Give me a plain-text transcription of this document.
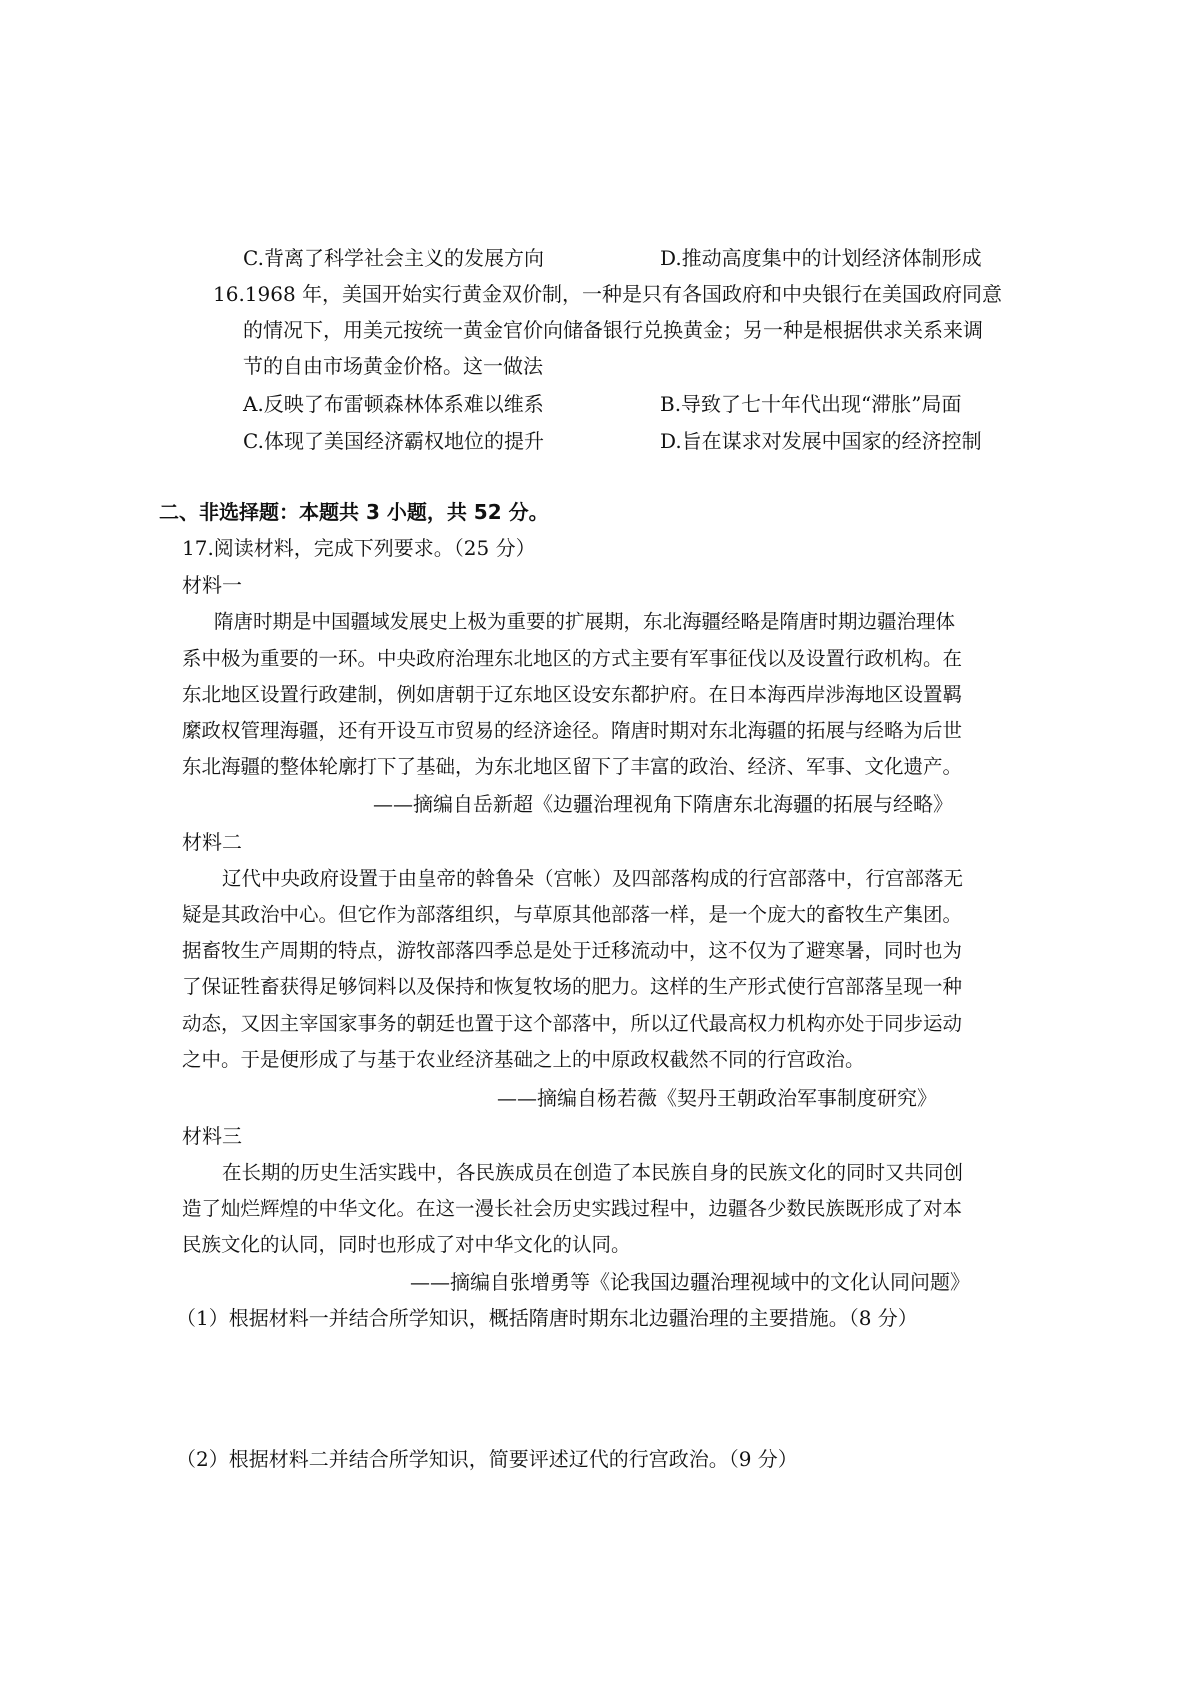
C.背离了科学社会主义的发展方向	D.推动高度集中的计划经济体制形成
16.1968 年，美国开始实行黄金双价制，一种是只有各国政府和中央银行在美国政府同意
的情况下，用美元按统一黄金官价向储备银行兑换黄金；另一种是根据供求关系来调
节的自由市场黄金价格。这一做法
A.反映了布雷顿森林体系难以维系	B.导致了七十年代出现“滞胀”局面
C.体现了美国经济霸权地位的提升	D.旨在谋求对发展中国家的经济控制
二、非选择题：本题共 3 小题，共 52 分。
17.阅读材料，完成下列要求。（25 分）
材料一
隋唐时期是中国疆域发展史上极为重要的扩展期，东北海疆经略是隋唐时期边疆治理体
系中极为重要的一环。中央政府治理东北地区的方式主要有军事征伐以及设置行政机构。在
东北地区设置行政建制，例如唐朝于辽东地区设安东都护府。在日本海西岸涉海地区设置羁
縻政权管理海疆，还有开设互市贸易的经济途径。隋唐时期对东北海疆的拓展与经略为后世
东北海疆的整体轮廓打下了基础，为东北地区留下了丰富的政治、经济、军事、文化遗产。
——摘编自岳新超《边疆治理视角下隋唐东北海疆的拓展与经略》
材料二
辽代中央政府设置于由皇帝的斡鲁朵（宫帐）及四部落构成的行宫部落中，行宫部落无
疑是其政治中心。但它作为部落组织，与草原其他部落一样，是一个庞大的畜牧生产集团。
据畜牧生产周期的特点，游牧部落四季总是处于迁移流动中，这不仅为了避寒暑，同时也为
了保证牲畜获得足够饲料以及保持和恢复牧场的肥力。这样的生产形式使行宫部落呈现一种
动态，又因主宰国家事务的朝廷也置于这个部落中，所以辽代最高权力机构亦处于同步运动
之中。于是便形成了与基于农业经济基础之上的中原政权截然不同的行宫政治。
——摘编自杨若薇《契丹王朝政治军事制度研究》
材料三
在长期的历史生活实践中，各民族成员在创造了本民族自身的民族文化的同时又共同创
造了灿烂辉煌的中华文化。在这一漫长社会历史实践过程中，边疆各少数民族既形成了对本
民族文化的认同，同时也形成了对中华文化的认同。
——摘编自张增勇等《论我国边疆治理视域中的文化认同问题》
（1）根据材料一并结合所学知识，概括隋唐时期东北边疆治理的主要措施。（8 分）
（2）根据材料二并结合所学知识，简要评述辽代的行宫政治。（9 分）
